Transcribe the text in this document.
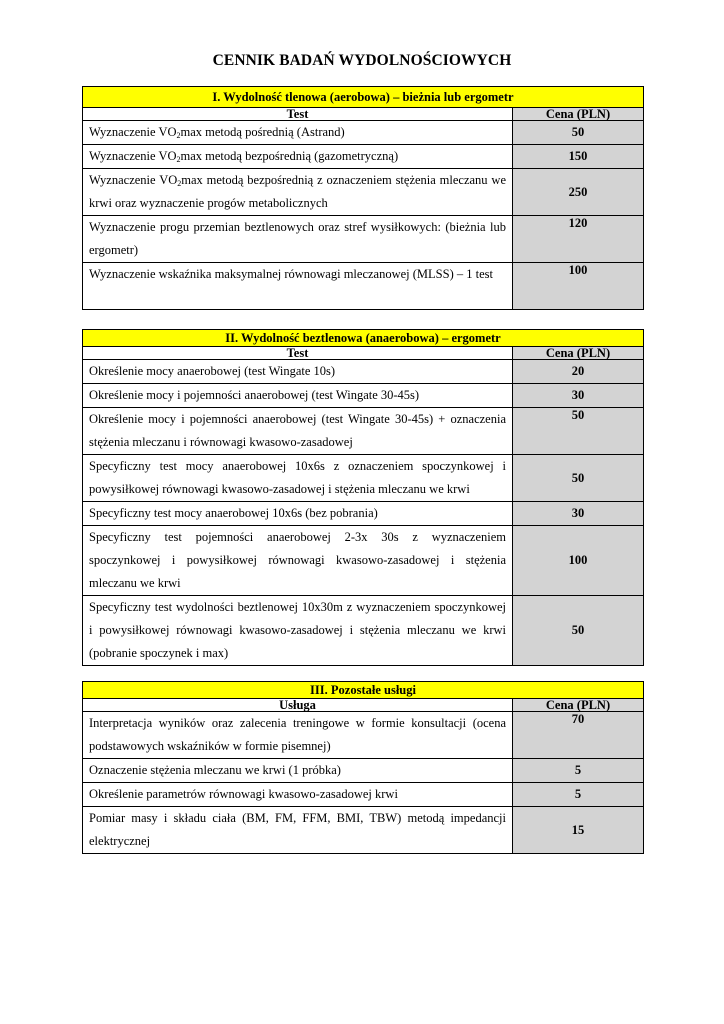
CENNIK BADAŃ WYDOLNOŚCIOWYCH
I. Wydolność tlenowa (aerobowa) – bieżnia lub ergometr	
Test	Cena (PLN)
Wyznaczenie $VO_2\max$ metodą pośrednią (Astrand)	50
Wyznaczenie $VO_2\max$ metodą bezpośrednią (gazometryczną)	150
Wyznaczenie $VO_2\max$ metodą bezpośrednią z oznaczeniem stężenia mleczanu we krwi oraz wyznaczenie progów metabolicznych	250
Wyznaczenie progu przemian beztlenowych oraz stref wysiłkowych: (bieżnia lub ergometr)	120
Wyznaczenie wskaźnika maksymalnej równowagi mleczanowej (MLSS) – 1 test	100
II. Wydolność beztlenowa (anaerobowa) – ergometr	
Test	Cena (PLN)
Określenie mocy anaerobowej (test Wingate 10s)	20
Określenie mocy i pojemności anaerobowej (test Wingate 30-45s)	30
Określenie mocy i pojemności anaerobowej (test Wingate 30-45s) + oznaczenia stężenia mleczanu i równowagi kwasowo-zasadowej	50
Specyficzny test mocy anaerobowej 10x6s z oznaczeniem spoczynkowej i powysiłkowej równowagi kwasowo-zasadowej i stężenia mleczanu we krwi	50
Specyficzny test mocy anaerobowej 10x6s (bez pobrania)	30
Specyficzny test pojemności anaerobowej 2-3x 30s z wyznaczeniem spoczynkowej i powysiłkowej równowagi kwasowo-zasadowej i stężenia mleczanu we krwi	100
Specyficzny test wydolności beztlenowej 10x30m z wyznaczeniem spoczynkowej i powysiłkowej równowagi kwasowo-zasadowej i stężenia mleczanu we krwi (pobranie spoczynek i max)	50
III. Pozostałe usługi	
Usługa	Cena (PLN)
Interpretacja wyników oraz zalecenia treningowe w formie konsultacji (ocena podstawowych wskaźników w formie pisemnej)	70
Oznaczenie stężenia mleczanu we krwi (1 próbka)	5
Określenie parametrów równowagi kwasowo-zasadowej krwi	5
Pomiar masy i składu ciała (BM, FM, FFM, BMI, TBW) metodą impedancji elektrycznej	15
